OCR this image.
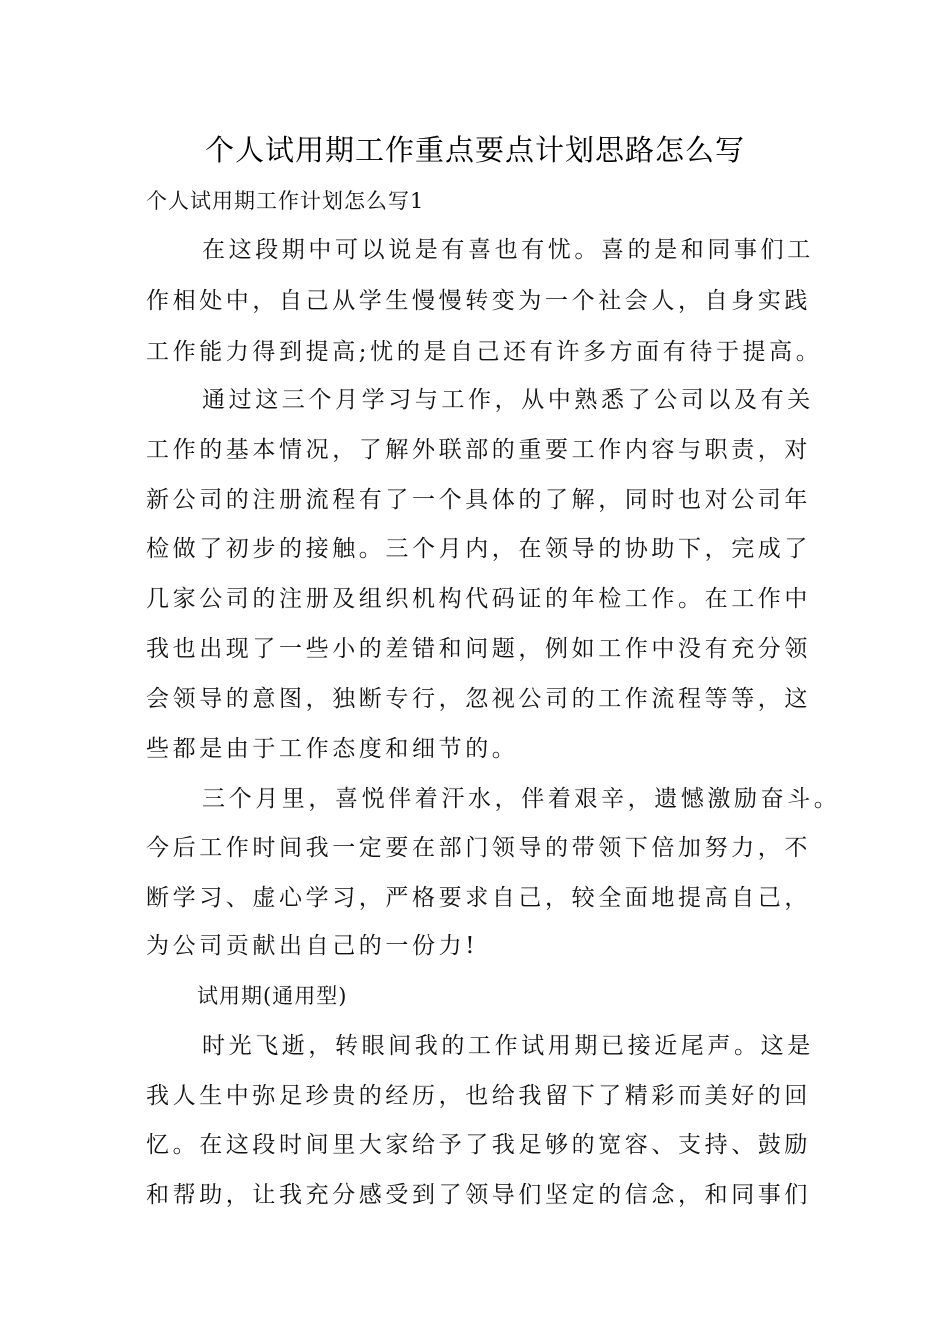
个人试用期工作重点要点计划思路怎么写
个人试用期工作计划怎么写1
在这段期中可以说是有喜也有忧。喜的是和同事们工
作相处中，自己从学生慢慢转变为一个社会人，自身实践
工作能力得到提高;忧的是自己还有许多方面有待于提高。
通过这三个月学习与工作，从中熟悉了公司以及有关
工作的基本情况，了解外联部的重要工作内容与职责，对
新公司的注册流程有了一个具体的了解，同时也对公司年
检做了初步的接触。三个月内，在领导的协助下，完成了
几家公司的注册及组织机构代码证的年检工作。在工作中
我也出现了一些小的差错和问题，例如工作中没有充分领
会领导的意图，独断专行，忽视公司的工作流程等等，这
些都是由于工作态度和细节的。
三个月里，喜悦伴着汗水，伴着艰辛，遗憾激励奋斗。
今后工作时间我一定要在部门领导的带领下倍加努力，不
断学习、虚心学习，严格要求自己，较全面地提高自己，
为公司贡献出自己的一份力!
试用期(通用型)
时光飞逝，转眼间我的工作试用期已接近尾声。这是
我人生中弥足珍贵的经历，也给我留下了精彩而美好的回
忆。在这段时间里大家给予了我足够的宽容、支持、鼓励
和帮助，让我充分感受到了领导们坚定的信念，和同事们
